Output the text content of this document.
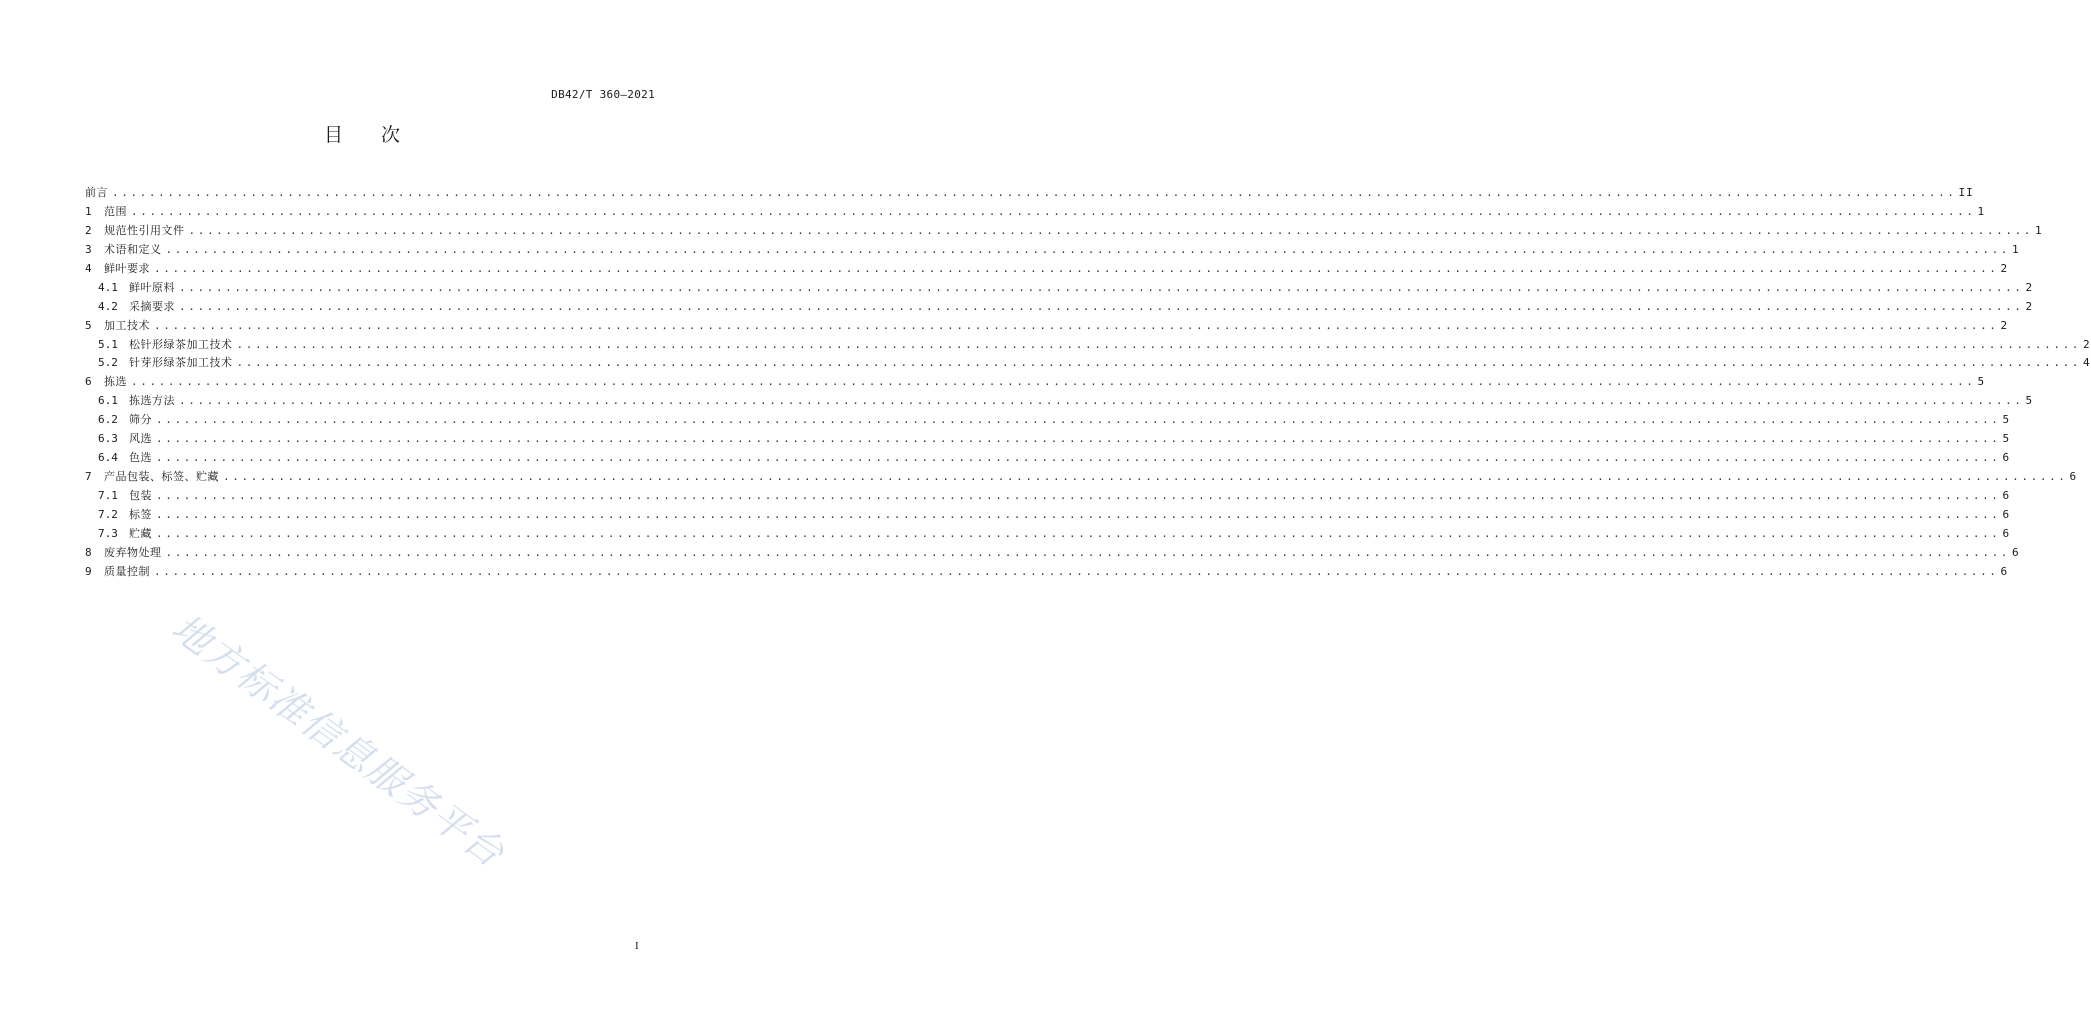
DB42/T 360—2021
目 次
前言 ........................................................................................................................................................................................................ II
1	范围 ........................................................................................................................................................................................................ 1
2	规范性引用文件 ........................................................................................................................................................................................................ 1
3	术语和定义 ........................................................................................................................................................................................................ 1
4	鲜叶要求 ........................................................................................................................................................................................................ 2
4.1	鲜叶原料 ........................................................................................................................................................................................................ 2
4.2	采摘要求 ........................................................................................................................................................................................................ 2
5	加工技术 ........................................................................................................................................................................................................ 2
5.1	松针形绿茶加工技术 ........................................................................................................................................................................................................ 2
5.2	针芽形绿茶加工技术 ........................................................................................................................................................................................................ 4
6	拣选 ........................................................................................................................................................................................................ 5
6.1	拣选方法 ........................................................................................................................................................................................................ 5
6.2	筛分 ........................................................................................................................................................................................................ 5
6.3	风选 ........................................................................................................................................................................................................ 5
6.4	色选 ........................................................................................................................................................................................................ 6
7	产品包装、标签、贮藏 ........................................................................................................................................................................................................ 6
7.1	包装 ........................................................................................................................................................................................................ 6
7.2	标签 ........................................................................................................................................................................................................ 6
7.3	贮藏 ........................................................................................................................................................................................................ 6
8	废弃物处理 ........................................................................................................................................................................................................ 6
9	质量控制 ........................................................................................................................................................................................................ 6
地方标准信息服务平台
I
